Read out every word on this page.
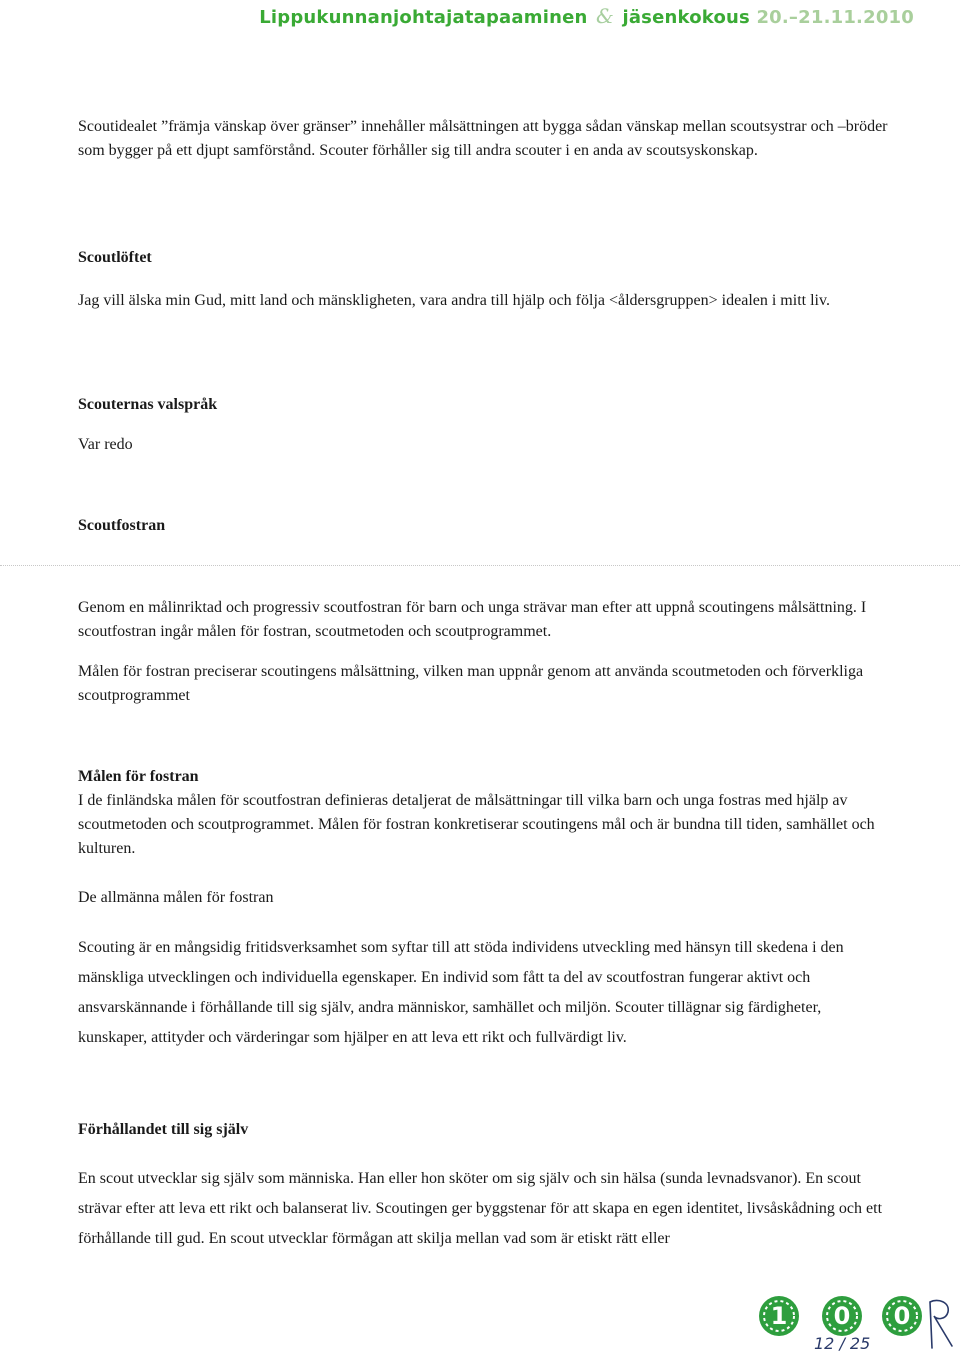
Lippukunnanjohtajatapaaminen & jäsenkokous 20.–21.11.2010

Scoutidealet ”främja vänskap över gränser” innehåller målsättningen att bygga sådan vänskap mellan scoutsystrar och –bröder som bygger på ett djupt samförstånd. Scouter förhåller sig till andra scouter i en anda av scoutsyskonskap.

Scoutlöftet

Jag vill älska min Gud, mitt land och mänskligheten, vara andra till hjälp och följa <åldersgruppen> idealen i mitt liv.

Scouternas valspråk

Var redo

Scoutfostran

Genom en målinriktad och progressiv scoutfostran för barn och unga strävar man efter att uppnå scoutingens målsättning. I scoutfostran ingår målen för fostran, scoutmetoden och scoutprogrammet.

Målen för fostran preciserar scoutingens målsättning, vilken man uppnår genom att använda scoutmetoden och förverkliga scoutprogrammet

Målen för fostran

I de finländska målen för scoutfostran definieras detaljerat de målsättningar till vilka barn och unga fostras med hjälp av scoutmetoden och scoutprogrammet. Målen för fostran konkretiserar scoutingens mål och är bundna till tiden, samhället och kulturen.

De allmänna målen för fostran

Scouting är en mångsidig fritidsverksamhet som syftar till att stöda individens utveckling med hänsyn till skedena i den mänskliga utvecklingen och individuella egenskaper. En individ som fått ta del av scoutfostran fungerar aktivt och ansvarskännande i förhållande till sig själv, andra människor, samhället och miljön. Scouter tillägnar sig färdigheter, kunskaper, attityder och värderingar som hjälper en att leva ett rikt och fullvärdigt liv.

Förhållandet till sig själv

En scout utvecklar sig själv som människa. Han eller hon sköter om sig själv och sin hälsa (sunda levnadsvanor). En scout strävar efter att leva ett rikt och balanserat liv. Scoutingen ger byggstenar för att skapa en egen identitet, livsåskådning och ett förhållande till gud. En scout utvecklar förmågan att skilja mellan vad som är etiskt rätt eller

1 0 0
12 / 25
